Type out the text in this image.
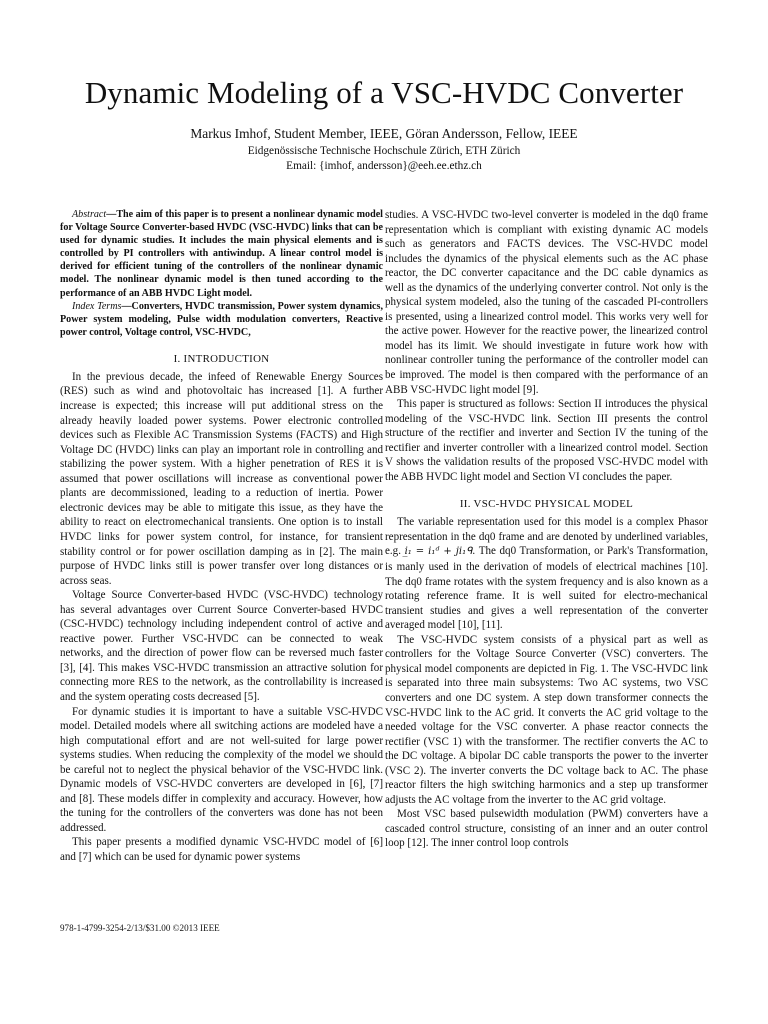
Dynamic Modeling of a VSC-HVDC Converter
Markus Imhof, Student Member, IEEE, Göran Andersson, Fellow, IEEE
Eidgenössische Technische Hochschule Zürich, ETH Zürich
Email: {imhof, andersson}@eeh.ee.ethz.ch

Abstract—The aim of this paper is to present a nonlinear dynamic model for Voltage Source Converter-based HVDC (VSC-HVDC) links that can be used for dynamic studies. It includes the main physical elements and is controlled by PI controllers with antiwindup. A linear control model is derived for efficient tuning of the controllers of the nonlinear dynamic model. The nonlinear dynamic model is then tuned according to the performance of an ABB HVDC Light model.

Index Terms—Converters, HVDC transmission, Power system dynamics, Power system modeling, Pulse width modulation converters, Reactive power control, Voltage control, VSC-HVDC,

I. INTRODUCTION

In the previous decade, the infeed of Renewable Energy Sources (RES) such as wind and photovoltaic has increased [1]. A further increase is expected; this increase will put additional stress on the already heavily loaded power systems. Power electronic controlled devices such as Flexible AC Transmission Systems (FACTS) and High Voltage DC (HVDC) links can play an important role in controlling and stabilizing the power system. With a higher penetration of RES it is assumed that power oscillations will increase as conventional power plants are decommissioned, leading to a reduction of inertia. Power electronic devices may be able to mitigate this issue, as they have the ability to react on electromechanical transients. One option is to install HVDC links for power system control, for instance, for transient stability control or for power oscillation damping as in [2]. The main purpose of HVDC links still is power transfer over long distances or across seas.

Voltage Source Converter-based HVDC (VSC-HVDC) technology has several advantages over Current Source Converter-based HVDC (CSC-HVDC) technology including independent control of active and reactive power. Further VSC-HVDC can be connected to weak networks, and the direction of power flow can be reversed much faster [3], [4]. This makes VSC-HVDC transmission an attractive solution for connecting more RES to the network, as the controllability is increased and the system operating costs decreased [5].

For dynamic studies it is important to have a suitable VSC-HVDC model. Detailed models where all switching actions are modeled have a high computational effort and are not well-suited for large power systems studies. When reducing the complexity of the model we should be careful not to neglect the physical behavior of the VSC-HVDC link. Dynamic models of VSC-HVDC converters are developed in [6], [7] and [8]. These models differ in complexity and accuracy. However, how the tuning for the controllers of the converters was done has not been addressed.

This paper presents a modified dynamic VSC-HVDC model of [6] and [7] which can be used for dynamic power systems

studies. A VSC-HVDC two-level converter is modeled in the dq0 frame representation which is compliant with existing dynamic AC models such as generators and FACTS devices. The VSC-HVDC model includes the dynamics of the physical elements such as the AC phase reactor, the DC converter capacitance and the DC cable dynamics as well as the dynamics of the underlying converter control. Not only is the physical system modeled, also the tuning of the cascaded PI-controllers is presented, using a linearized control model. This works very well for the active power. However for the reactive power, the linearized control model has its limit. We should investigate in future work how with nonlinear controller tuning the performance of the controller model can be improved. The model is then compared with the performance of an ABB VSC-HVDC light model [9].

This paper is structured as follows: Section II introduces the physical modeling of the VSC-HVDC link. Section III presents the control structure of the rectifier and inverter and Section IV the tuning of the rectifier and inverter controller with a linearized control model. Section V shows the validation results of the proposed VSC-HVDC model with the ABB HVDC light model and Section VI concludes the paper.

II. VSC-HVDC PHYSICAL MODEL

The variable representation used for this model is a complex Phasor representation in the dq0 frame and are denoted by underlined variables, e.g. i̲₁ = i₁ᵈ + ji₁ᑫ. The dq0 Transformation, or Park's Transformation, is manly used in the derivation of models of electrical machines [10]. The dq0 frame rotates with the system frequency and is also known as a rotating reference frame. It is well suited for electro-mechanical transient studies and gives a well representation of the converter averaged model [10], [11].

The VSC-HVDC system consists of a physical part as well as controllers for the Voltage Source Converter (VSC) converters. The physical model components are depicted in Fig. 1. The VSC-HVDC link is separated into three main subsystems: Two AC systems, two VSC converters and one DC system. A step down transformer connects the VSC-HVDC link to the AC grid. It converts the AC grid voltage to the needed voltage for the VSC converter. A phase reactor connects the rectifier (VSC 1) with the transformer. The rectifier converts the AC to the DC voltage. A bipolar DC cable transports the power to the inverter (VSC 2). The inverter converts the DC voltage back to AC. The phase reactor filters the high switching harmonics and a step up transformer adjusts the AC voltage from the inverter to the AC grid voltage.

Most VSC based pulsewidth modulation (PWM) converters have a cascaded control structure, consisting of an inner and an outer control loop [12]. The inner control loop controls

978-1-4799-3254-2/13/$31.00 ©2013 IEEE
